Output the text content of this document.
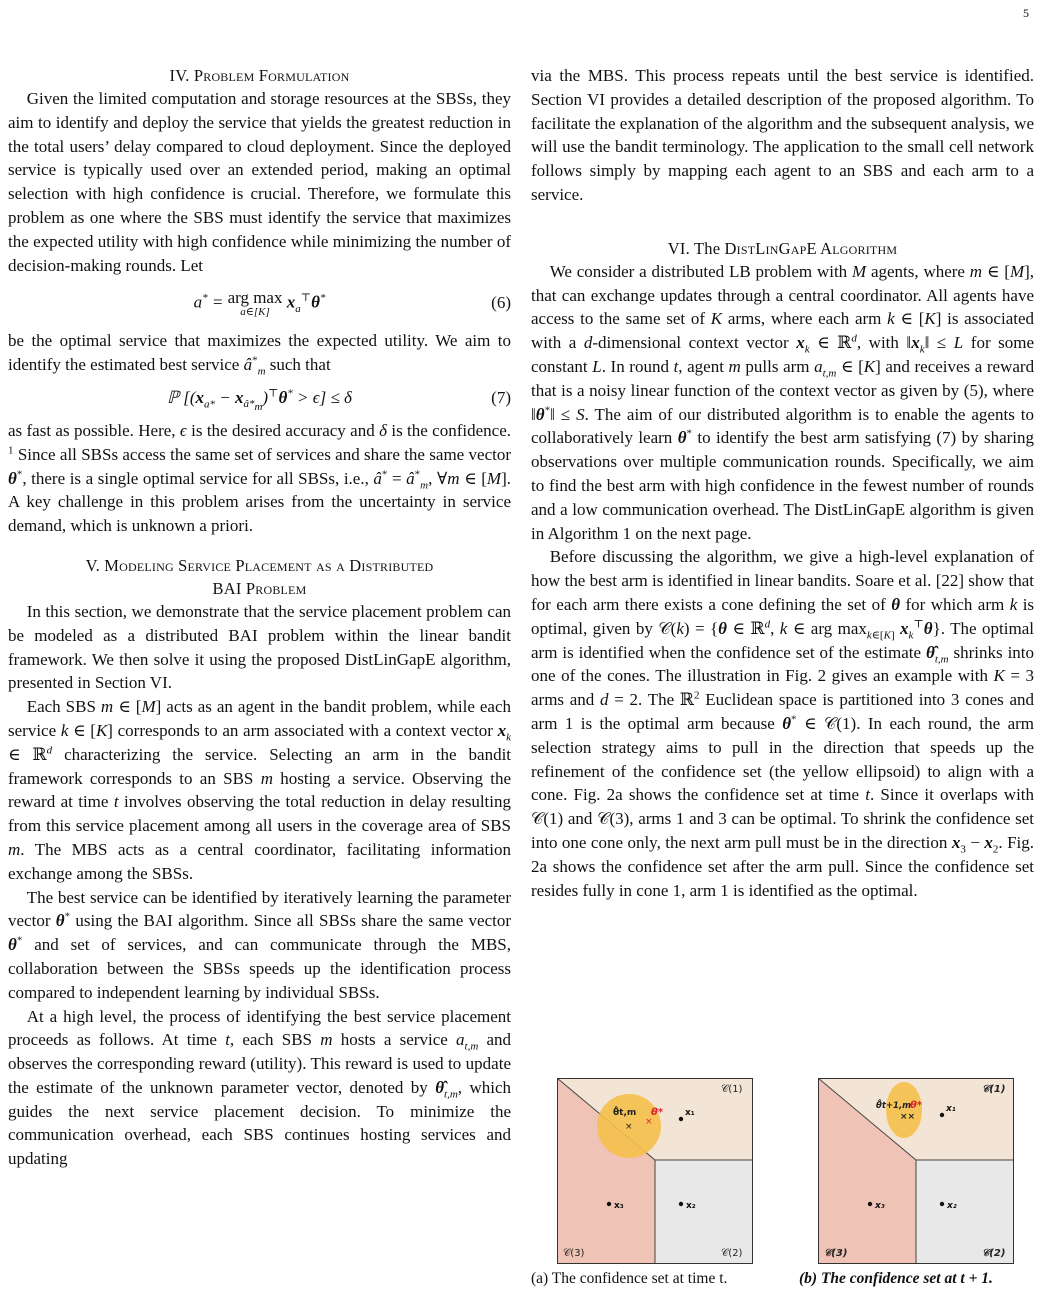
5
IV. Problem Formulation

Given the limited computation and storage resources at the SBSs, they aim to identify and deploy the service that yields the greatest reduction in the total users’ delay compared to cloud deployment. Since the deployed service is typically used over an extended period, making an optimal selection with high confidence is crucial. Therefore, we formulate this problem as one where the SBS must identify the service that maximizes the expected utility with high confidence while minimizing the number of decision-making rounds. Let

a* = arg max
a∈[K]
$x_a^⊤\theta^*$	(6)

be the optimal service that maximizes the expected utility. We aim to identify the estimated best service $â^*_m$ such that

ℙ $[(x_{a*} - x_{â*_m})^⊤\theta^* > \epsilon] \le \delta$	(7)

as fast as possible. Here, ϵ is the desired accuracy and δ is the confidence. $^1$ Since all SBSs access the same set of services and share the same vector θ*, there is a single optimal service for all SBSs, i.e., â* = $â^*_m$, ∀m ∈ [M]. A key challenge in this problem arises from the uncertainty in service demand, which is unknown a priori.

V. Modeling Service Placement as a Distributed
BAI Problem

In this section, we demonstrate that the service placement problem can be modeled as a distributed BAI problem within the linear bandit framework. We then solve it using the proposed DistLinGapE algorithm, presented in Section VI.

Each SBS m ∈ [M] acts as an agent in the bandit problem, while each service k ∈ [K] corresponds to an arm associated with a context vector $x_k$ ∈ ℝ$^d$ characterizing the service. Selecting an arm in the bandit framework corresponds to an SBS m hosting a service. Observing the reward at time t involves observing the total reduction in delay resulting from this service placement among all users in the coverage area of SBS m. The MBS acts as a central coordinator, facilitating information exchange among the SBSs.

The best service can be identified by iteratively learning the parameter vector θ* using the BAI algorithm. Since all SBSs share the same vector θ* and set of services, and can communicate through the MBS, collaboration between the SBSs speeds up the identification process compared to independent learning by individual SBSs.

At a high level, the process of identifying the best service placement proceeds as follows. At time t, each SBS m hosts a service $a_{t,m}$ and observes the corresponding reward (utility). This reward is used to update the estimate of the unknown parameter vector, denoted by $\thetâ_{t,m}$, which guides the next service placement decision. To minimize the communication overhead, each SBS continues hosting services and updating

via the MBS. This process repeats until the best service is identified. Section VI provides a detailed description of the proposed algorithm. To facilitate the explanation of the algorithm and the subsequent analysis, we will use the bandit terminology. The application to the small cell network follows simply by mapping each agent to an SBS and each arm to a service.

VI. The DistLinGapE Algorithm

We consider a distributed LB problem with M agents, where m ∈ [M], that can exchange updates through a central coordinator. All agents have access to the same set of K arms, where each arm k ∈ [K] is associated with a d-dimensional context vector $x_k$ ∈ ℝ$^d$, with $‖x_k‖ \le L$ for some constant L. In round t, agent m pulls arm $a_{t,m}$ ∈ [K] and receives a reward that is a noisy linear function of the context vector as given by (5), where ‖θ*‖ ≤ S. The aim of our distributed algorithm is to enable the agents to collaboratively learn θ* to identify the best arm satisfying (7) by sharing observations over multiple communication rounds. Specifically, we aim to find the best arm with high confidence in the fewest number of rounds and a low communication overhead. The DistLinGapE algorithm is given in Algorithm 1 on the next page.

Before discussing the algorithm, we give a high-level explanation of how the best arm is identified in linear bandits. Soare et al. [22] show that for each arm there exists a cone defining the set of θ for which arm k is optimal, given by 𝒞(k) = {θ ∈ ℝ$^d$, k ∈ arg $\max_{k\in[K]} x_k^⊤\theta$}. The optimal arm is identified when the confidence set of the estimate $\thetâ_{t,m}$ shrinks into one of the cones. The illustration in Fig. 2 gives an example with K = 3 arms and d = 2. The ℝ$^2$ Euclidean space is partitioned into 3 cones and arm 1 is the optimal arm because θ* ∈ 𝒞(1). In each round, the arm selection strategy aims to pull in the direction that speeds up the refinement of the confidence set (the yellow ellipsoid) to align with a cone. Fig. 2a shows the confidence set at time t. Since it overlaps with 𝒞(1) and 𝒞(3), arms 1 and 3 can be optimal. To shrink the confidence set into one cone only, the next arm pull must be in the direction $x_3 - x_2$. Fig. 2a shows the confidence set after the arm pull. Since the confidence set resides fully in cone 1, arm 1 is identified as the optimal.

θ̂t,m
× ×
θ* x₁
x₃	x₂
𝒞(1)
𝒞(3)	𝒞(2)
θ̂t+1,m
××
θ*	x₁
x₃	x₂
𝒞(1)
𝒞(3)	𝒞(2)
(a) The confidence set at time t.	(b) The confidence set at t + 1.
